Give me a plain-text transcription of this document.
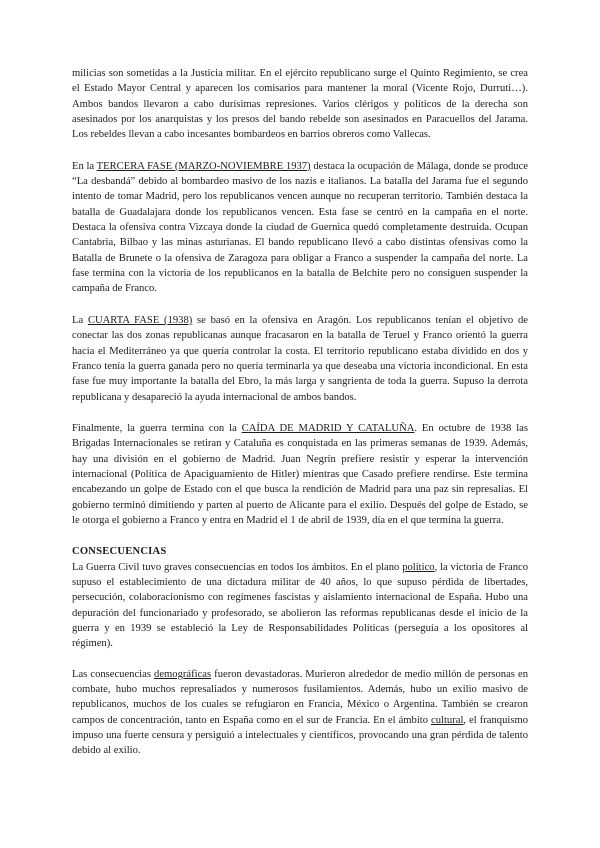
milicias son sometidas a la Justicia militar. En el ejército republicano surge el Quinto Regimiento, se crea el Estado Mayor Central y aparecen los comisarios para mantener la moral (Vicente Rojo, Durruti…). Ambos bandos llevaron a cabo durísimas represiones. Varios clérigos y políticos de la derecha son asesinados por los anarquistas y los presos del bando rebelde son asesinados en Paracuellos del Jarama. Los rebeldes llevan a cabo incesantes bombardeos en barrios obreros como Vallecas.

En la TERCERA FASE (MARZO-NOVIEMBRE 1937) destaca la ocupación de Málaga, donde se produce “La desbandá” debido al bombardeo masivo de los nazis e italianos. La batalla del Jarama fue el segundo intento de tomar Madrid, pero los republicanos vencen aunque no recuperan territorio. También destaca la batalla de Guadalajara donde los republicanos vencen. Esta fase se centró en la campaña en el norte. Destaca la ofensiva contra Vizcaya donde la ciudad de Guernica quedó completamente destruida. Ocupan Cantabria, Bilbao y las minas asturianas. El bando republicano llevó a cabo distintas ofensivas como la Batalla de Brunete o la ofensiva de Zaragoza para obligar a Franco a suspender la campaña del norte. La fase termina con la victoria de los republicanos en la batalla de Belchite pero no consiguen suspender la campaña de Franco.

La CUARTA FASE (1938) se basó en la ofensiva en Aragón. Los republicanos tenían el objetivo de conectar las dos zonas republicanas aunque fracasaron en la batalla de Teruel y Franco orientó la guerra hacia el Mediterráneo ya que quería controlar la costa. El territorio republicano estaba dividido en dos y Franco tenía la guerra ganada pero no quería terminarla ya que deseaba una victoria incondicional. En esta fase fue muy importante la batalla del Ebro, la más larga y sangrienta de toda la guerra. Supuso la derrota republicana y desapareció la ayuda internacional de ambos bandos.

Finalmente, la guerra termina con la CAÍDA DE MADRID Y CATALUÑA. En octubre de 1938 las Brigadas Internacionales se retiran y Cataluña es conquistada en las primeras semanas de 1939. Además, hay una división en el gobierno de Madrid. Juan Negrín prefiere resistir y esperar la intervención internacional (Política de Apaciguamiento de Hitler) mientras que Casado prefiere rendirse. Este termina encabezando un golpe de Estado con el que busca la rendición de Madrid para una paz sin represalias. El gobierno terminó dimitiendo y parten al puerto de Alicante para el exilio. Después del golpe de Estado, se le otorga el gobierno a Franco y entra en Madrid el 1 de abril de 1939, día en el que termina la guerra.

CONSECUENCIAS

La Guerra Civil tuvo graves consecuencias en todos los ámbitos. En el plano político, la victoria de Franco supuso el establecimiento de una dictadura militar de 40 años, lo que supuso pérdida de libertades, persecución, colaboracionismo con regímenes fascistas y aislamiento internacional de España. Hubo una depuración del funcionariado y profesorado, se abolieron las reformas republicanas desde el inicio de la guerra y en 1939 se estableció la Ley de Responsabilidades Políticas (perseguía a los opositores al régimen).

Las consecuencias demográficas fueron devastadoras. Murieron alrededor de medio millón de personas en combate, hubo muchos represaliados y numerosos fusilamientos. Además, hubo un exilio masivo de republicanos, muchos de los cuales se refugiaron en Francia, México o Argentina. También se crearon campos de concentración, tanto en España como en el sur de Francia. En el ámbito cultural, el franquismo impuso una fuerte censura y persiguió a intelectuales y científicos, provocando una gran pérdida de talento debido al exilio.
